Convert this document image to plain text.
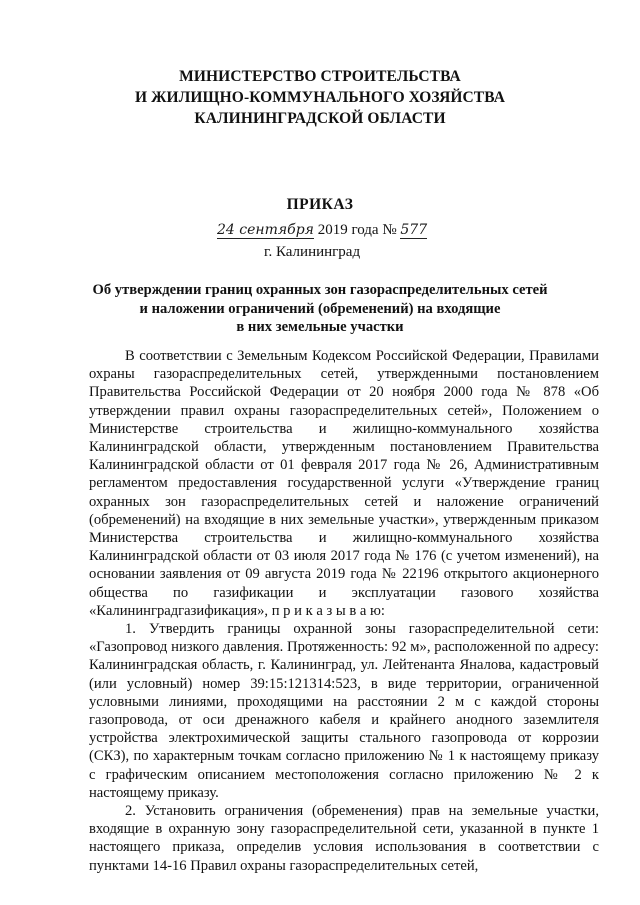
МИНИСТЕРСТВО СТРОИТЕЛЬСТВА
И ЖИЛИЩНО-КОММУНАЛЬНОГО ХОЗЯЙСТВА
КАЛИНИНГРАДСКОЙ ОБЛАСТИ
ПРИКАЗ
24 сентября 2019 года № 577
г. Калининград
Об утверждении границ охранных зон газораспределительных сетей
и наложении ограничений (обременений) на входящие
в них земельные участки

В соответствии с Земельным Кодексом Российской Федерации, Правилами охраны газораспределительных сетей, утвержденными постановлением Правительства Российской Федерации от 20 ноября 2000 года № 878 «Об утверждении правил охраны газораспределительных сетей», Положением о Министерстве строительства и жилищно-коммунального хозяйства Калининградской области, утвержденным постановлением Правительства Калининградской области от 01 февраля 2017 года № 26, Административным регламентом предоставления государственной услуги «Утверждение границ охранных зон газораспределительных сетей и наложение ограничений (обременений) на входящие в них земельные участки», утвержденным приказом Министерства строительства и жилищно-коммунального хозяйства Калининградской области от 03 июля 2017 года № 176 (с учетом изменений), на основании заявления от 09 августа 2019 года № 22196 открытого акционерного общества по газификации и эксплуатации газового хозяйства «Калининградгазификация», п р и к а з ы в а ю:

1. Утвердить границы охранной зоны газораспределительной сети: «Газопровод низкого давления. Протяженность: 92 м», расположенной по адресу: Калининградская область, г. Калининград, ул. Лейтенанта Яналова, кадастровый (или условный) номер 39:15:121314:523, в виде территории, ограниченной условными линиями, проходящими на расстоянии 2 м с каждой стороны газопровода, от оси дренажного кабеля и крайнего анодного заземлителя устройства электрохимической защиты стального газопровода от коррозии (СКЗ), по характерным точкам согласно приложению № 1 к настоящему приказу с графическим описанием местоположения согласно приложению № 2 к настоящему приказу.

2. Установить ограничения (обременения) прав на земельные участки, входящие в охранную зону газораспределительной сети, указанной в пункте 1 настоящего приказа, определив условия использования в соответствии с пунктами 14-16 Правил охраны газораспределительных сетей,
